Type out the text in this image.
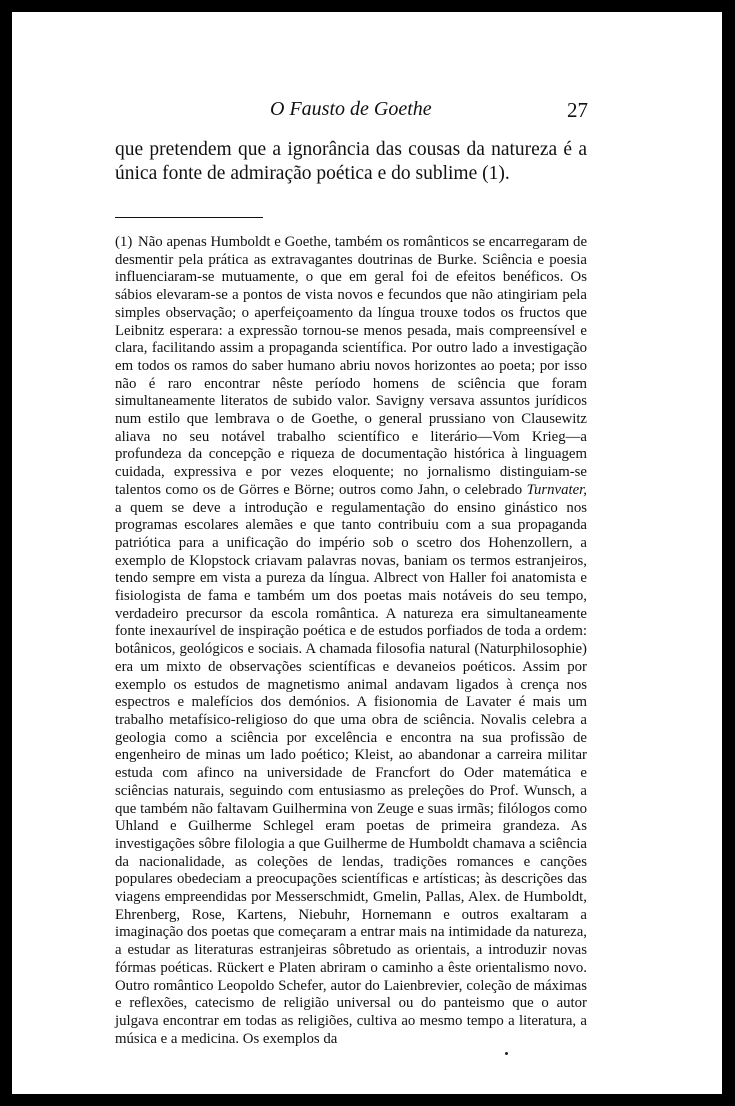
O Fausto de Goethe	27

que pretendem que a ignorância das cousas da natureza é a única fonte de admiração poética e do sublime (1).

(1) Não apenas Humboldt e Goethe, também os românticos se encarregaram de desmentir pela prática as extravagantes doutrinas de Burke. Sciência e poesia influenciaram-se mutuamente, o que em geral foi de efeitos benéficos. Os sábios elevaram-se a pontos de vista novos e fecundos que não atingiriam pela simples observação; o aperfeiçoamento da língua trouxe todos os fructos que Leibnitz esperara: a expressão tornou-se menos pesada, mais compreensível e clara, facilitando assim a propaganda scientífica. Por outro lado a investigação em todos os ramos do saber humano abriu novos horizontes ao poeta; por isso não é raro encontrar nêste período homens de sciência que foram simultaneamente literatos de subido valor. Savigny versava assuntos jurídicos num estilo que lembrava o de Goethe, o general prussiano von Clausewitz aliava no seu notável trabalho scientífico e literário—Vom Krieg—a profundeza da concepção e riqueza de documentação histórica à linguagem cuidada, expressiva e por vezes eloquente; no jornalismo distinguiam-se talentos como os de Görres e Börne; outros como Jahn, o celebrado Turnvater, a quem se deve a introdução e regulamentação do ensino ginástico nos programas escolares alemães e que tanto contribuiu com a sua propaganda patriótica para a unificação do império sob o scetro dos Hohenzollern, a exemplo de Klopstock criavam palavras novas, baniam os termos estranjeiros, tendo sempre em vista a pureza da língua. Albrect von Haller foi anatomista e fisiologista de fama e também um dos poetas mais notáveis do seu tempo, verdadeiro precursor da escola romântica. A natureza era simultaneamente fonte inexaurível de inspiração poética e de estudos porfiados de toda a ordem: botânicos, geológicos e sociais. A chamada filosofia natural (Naturphilosophie) era um mixto de observações scientíficas e devaneios poéticos. Assim por exemplo os estudos de magnetismo animal andavam ligados à crença nos espectros e malefícios dos demónios. A fisionomia de Lavater é mais um trabalho metafísico-religioso do que uma obra de sciência. Novalis celebra a geologia como a sciência por excelência e encontra na sua profissão de engenheiro de minas um lado poético; Kleist, ao abandonar a carreira militar estuda com afinco na universidade de Francfort do Oder matemática e sciências naturais, seguindo com entusiasmo as preleções do Prof. Wunsch, a que também não faltavam Guilhermina von Zeuge e suas irmãs; filólogos como Uhland e Guilherme Schlegel eram poetas de primeira grandeza. As investigações sôbre filologia a que Guilherme de Humboldt chamava a sciência da nacionalidade, as coleções de lendas, tradições romances e canções populares obedeciam a preocupações scientíficas e artísticas; às descrições das viagens empreendidas por Messerschmidt, Gmelin, Pallas, Alex. de Humboldt, Ehrenberg, Rose, Kartens, Niebuhr, Hornemann e outros exaltaram a imaginação dos poetas que começaram a entrar mais na intimidade da natureza, a estudar as literaturas estranjeiras sôbretudo as orientais, a introduzir novas fórmas poéticas. Rückert e Platen abriram o caminho a êste orientalismo novo. Outro romântico Leopoldo Schefer, autor do Laienbrevier, coleção de máximas e reflexões, catecismo de religião universal ou do panteismo que o autor julgava encontrar em todas as religiões, cultiva ao mesmo tempo a literatura, a música e a medicina. Os exemplos da
